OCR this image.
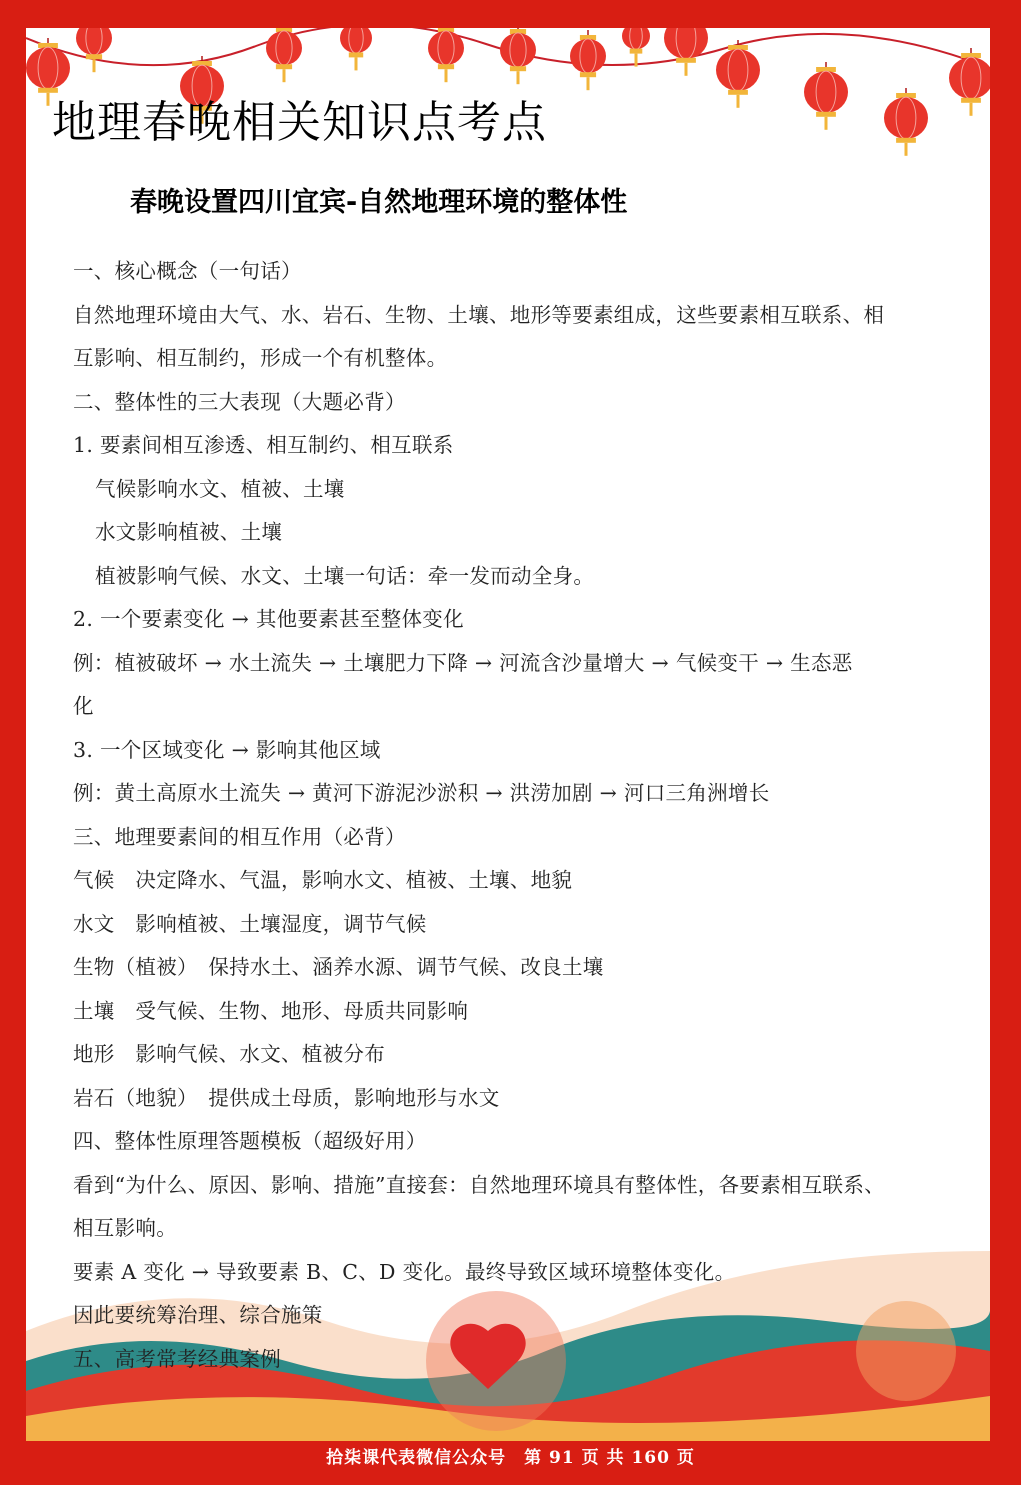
地理春晚相关知识点考点
春晚设置四川宜宾-自然地理环境的整体性
一、核心概念（一句话）
自然地理环境由大气、水、岩石、生物、土壤、地形等要素组成，这些要素相互联系、相
互影响、相互制约，形成一个有机整体。
二、整体性的三大表现（大题必背）
1. 要素间相互渗透、相互制约、相互联系
气候影响水文、植被、土壤
水文影响植被、土壤
植被影响气候、水文、土壤一句话：牵一发而动全身。
2. 一个要素变化 → 其他要素甚至整体变化
例：植被破坏 → 水土流失 → 土壤肥力下降 → 河流含沙量增大 → 气候变干 → 生态恶
化
3. 一个区域变化 → 影响其他区域
例：黄土高原水土流失 → 黄河下游泥沙淤积 → 洪涝加剧 → 河口三角洲增长
三、地理要素间的相互作用（必背）
气候　决定降水、气温，影响水文、植被、土壤、地貌
水文　影响植被、土壤湿度，调节气候
生物（植被）　保持水土、涵养水源、调节气候、改良土壤
土壤　受气候、生物、地形、母质共同影响
地形　影响气候、水文、植被分布
岩石（地貌）　提供成土母质，影响地形与水文
四、整体性原理答题模板（超级好用）
看到“为什么、原因、影响、措施”直接套：自然地理环境具有整体性，各要素相互联系、
相互影响。
要素 A 变化 → 导致要素 B、C、D 变化。最终导致区域环境整体变化。
因此要统筹治理、综合施策
五、高考常考经典案例
拾柒课代表微信公众号　第 91 页 共 160 页
